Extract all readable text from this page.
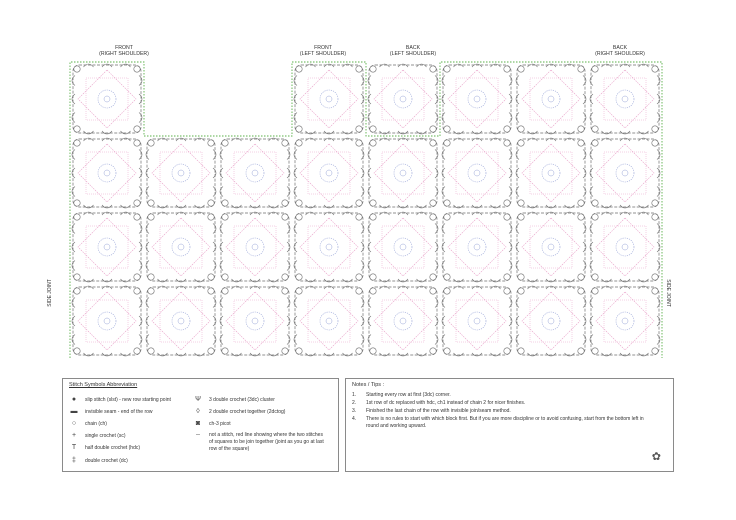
FRONT
(RIGHT SHOULDER)
FRONT
(LEFT SHOULDER)
BACK
(LEFT SHOULDER)
BACK
(RIGHT SHOULDER)
SIDE JOINT	SIDE JOINT
Stitch Symbols Abbreviation
●	slip stitch (slst) - new row starting point
▬	invisible seam - end of the row
○	chain (ch)
+	single crochet (sc)
T	half double crochet (hdc)
‡	double crochet (dc)
Ψ	3 double crochet (3dc) cluster
◊	2 double crochet together (2dctog)
◙	ch-3 picot
┈	not a stitch, red line showing where the two stitches of squares to be join together (joint as you go at last row of the square)
Notes / Tips :
1.	Starting every row at first (3dc) corner.
2.	1st row of dc replaced with hdc, ch1 instead of chain 2 for nicer finishes.
3.	Finished the last chain of the row with invisible join/seam method.
4.	There is no rules to start with which block first. But if you are more discipline or to avoid confusing, start from the bottom left in round and working upward.
✿
